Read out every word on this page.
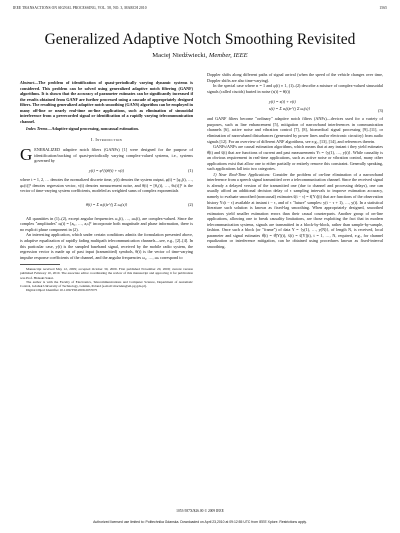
IEEE TRANSACTIONS ON SIGNAL PROCESSING, VOL. 58, NO. 3, MARCH 2010	1565
Generalized Adaptive Notch Smoothing Revisited
Maciej Niedźwiecki, Member, IEEE

Abstract—The problem of identification of quasi-periodically varying dynamic systems is considered. This problem can be solved using generalized adaptive notch filtering (GANF) algorithms. It is shown that the accuracy of parameter estimates can be significantly increased if the results obtained from GANF are further processed using a cascade of appropriately designed filters. The resulting generalized adaptive notch smoothing (GANS) algorithm can be employed in many off-line or nearly real-time on-line applications, such as elimination of sinusoidal interference from a prerecorded signal or identification of a rapidly varying telecommunication channel.

Index Terms—Adaptive signal processing, noncausal estimation.

I. Introduction

GENERALIZED adaptive notch filters (GANFs) [1] were designed for the purpose of identification/tracking of quasi-periodically varying complex-valued systems, i.e., systems governed by

y(t) = φᵀ(t)θ(t) + v(t)	(1)

where t = 1, 2, … denotes the normalized discrete time, y(t) denotes the system output, φ(t) = [φ₁(t), …, φₙ(t)]ᵀ denotes regression vector, v(t) denotes measurement noise, and θ(t) = [θ₁(t), …, θₙ(t)]ᵀ is the vector of time-varying system coefficients, modeled as weighted sums of complex exponentials

θ(t) = Σ αᵢ(t)e^{j Σ ωᵢ(s)}	(2)

All quantities in (1)–(2), except angular frequencies ω₁(t), …, ωₖ(t), are complex-valued. Since the complex "amplitudes" αᵢ(t) = [aᵢ₁, …, aᵢₙ]ᵀ incorporate both magnitude and phase information, there is no explicit phase component in (2).

An interesting application, which under certain conditions admits the formulation presented above, is adaptive equalization of rapidly fading multipath telecommunication channels—see, e.g., [2]–[4]. In this particular case, y(t) is the sampled baseband signal, received by the mobile radio system, the regression vector is made up of past input (transmitted) symbols, θ(t) is the vector of time-varying impulse response coefficients of the channel, and the angular frequencies ω₁, …, ωₖ correspond to

Manuscript received May 12, 2009; accepted October 30, 2009. First published November 20, 2009; current version published February 10, 2010. The associate editor coordinating the review of this manuscript and approving it for publication was Prof. Hideaki Sakai.

The author is with the Faculty of Electronics, Telecommunications and Computer Science, Department of Automatic Control, Gdańsk University of Technology, Gdańsk, Poland (e-mail: maciekn@eti.pg.gda.pl).

Digital Object Identifier 10.1109/TSP.2009.2037075

Doppler shifts along different paths of signal arrival (when the speed of the vehicle changes over time, Doppler shifts are also time-varying).

In the special case where n = 1 and φ(t) ≡ 1, (1)–(2) describe a mixture of complex-valued sinusoidal signals (called cisoids) buried in noise (s(t) = θ(t))

y(t) = s(t) + v(t)
s(t) = Σ aᵢ(t)e^{j Σ ωᵢ(s)}	(3)

and GANF filters become "ordinary" adaptive notch filters (ANFs)—devices used for a variety of purposes, such as line enhancement [5], mitigation of narrowband interferences in communication channels [6], active noise and vibration control [7], [8], biomedical signal processing [9]–[11], or elimination of narrowband disturbances (generated by power lines and/or electronic circuitry) from audio signals [12]. For an overview of different ANF algorithms, see e.g., [13], [14], and references therein.

GANFs/ANFs are causal estimation algorithms, which means that at any instant t they yield estimates θ̂(t) and ŝ(t) that are functions of current and past measurements Yₜ = {y(1), …, y(t)}. While causality is an obvious requirement in real-time applications, such as active noise or vibration control, many other applications exist that allow one to either partially or entirely remove this constraint. Generally speaking, such applications fall into two categories.

1) Near Real-Time Applications: Consider the problem of on-line elimination of a narrowband interference from a speech signal transmitted over a telecommunication channel. Since the received signal is already a delayed version of the transmitted one (due to channel and processing delays), one can usually afford an additional decision delay of τ sampling intervals to improve estimation accuracy, namely to evaluate smoothed (noncausal) estimates ŝ(t − τ) = ŝ[Yₜ](t) that are functions of the observation history Yₜ(t − τ) available at instant t − τ, and of τ "future" samples: y(t − τ + 1), …, y(t). In a statistical literature such solution is known as fixed-lag smoothing. When appropriately designed, smoothed estimators yield smaller estimation errors than their causal counterparts. Another group of on-line applications, allowing one to break causality limitations, are those exploiting the fact that in modern telecommunication systems, signals are transmitted in a block-by-block, rather than sample-by-sample, fashion. Once such a block (or "frame") of data Y = {y(1), …, y(N)}, of length N, is received, local parameter and signal estimates θ̂(t) = θ̂[Y](t), ŝ(t) = ŝ[Y](t), t = 1, …, N, required, e.g., for channel equalization or interference mitigation, can be obtained using procedures known as fixed-interval smoothing.

1053-587X/$26.00 © 2009 IEEE
Authorized licensed use limited to: Politechnika Gdanska. Downloaded on April 23,2010 at 09:12:55 UTC from IEEE Xplore. Restrictions apply.
